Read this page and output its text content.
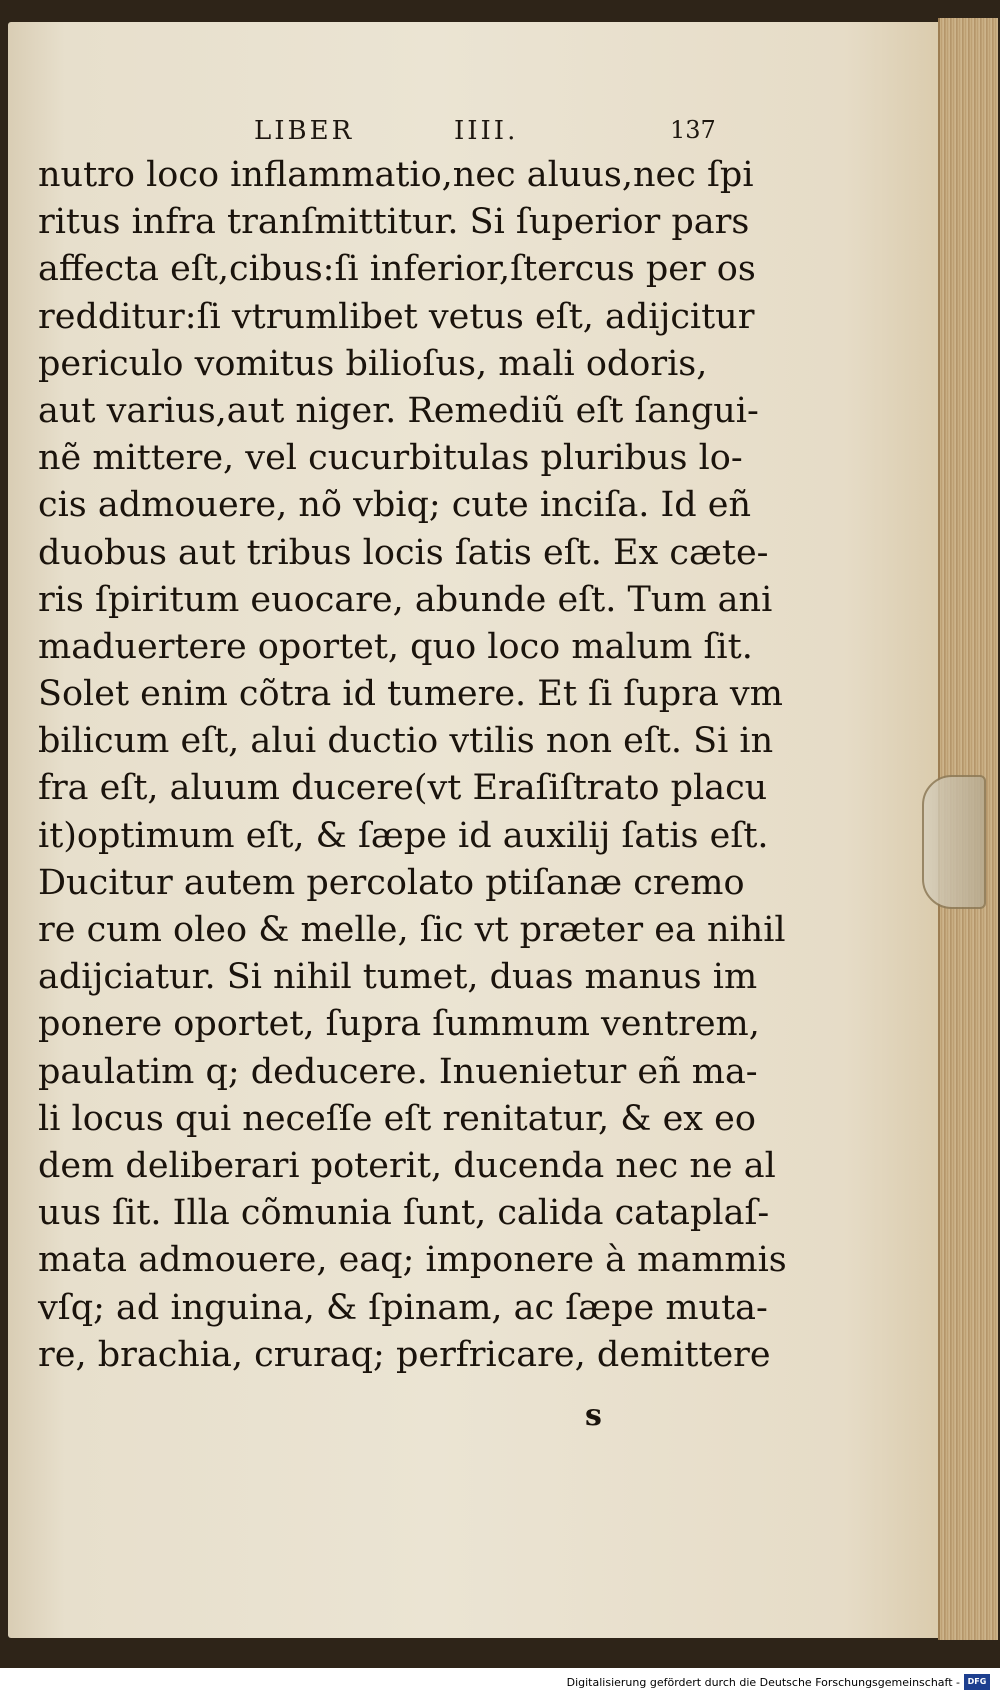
LIBER	IIII.	137
nutro loco inflammatio,nec aluus,nec ſpi
ritus infra tranſmittitur. Si ſuperior pars
affecta eſt,cibus:ſi inferior,ſtercus per os
redditur:ſi vtrumlibet vetus eſt, adijcitur
periculo vomitus bilioſus, mali odoris,
aut varius,aut niger. Remediũ eſt ſangui-
nẽ mittere, vel cucurbitulas pluribus lo-
cis admouere, nõ vbiq; cute inciſa. Id eñ
duobus aut tribus locis ſatis eſt. Ex cæte-
ris ſpiritum euocare, abunde eſt. Tum ani
maduertere oportet, quo loco malum ſit.
Solet enim cõtra id tumere. Et ſi ſupra vm
bilicum eſt, alui ductio vtilis non eſt. Si in
fra eſt, aluum ducere(vt Eraſiſtrato placu
it)optimum eſt, & ſæpe id auxilij ſatis eſt.
Ducitur autem percolato ptiſanæ cremo
re cum oleo & melle, ſic vt præter ea nihil
adijciatur. Si nihil tumet, duas manus im
ponere oportet, ſupra ſummum ventrem,
paulatim q; deducere. Inuenietur eñ ma-
li locus qui neceſſe eſt renitatur, & ex eo
dem deliberari poterit, ducenda nec ne al
uus ſit. Illa cõmunia ſunt, calida cataplaſ-
mata admouere, eaq; imponere à mammis
vſq; ad inguina, & ſpinam, ac ſæpe muta-
re, brachia, cruraq; perfricare, demittere
s
Digitalisierung gefördert durch die Deutsche Forschungsgemeinschaft - DFG
